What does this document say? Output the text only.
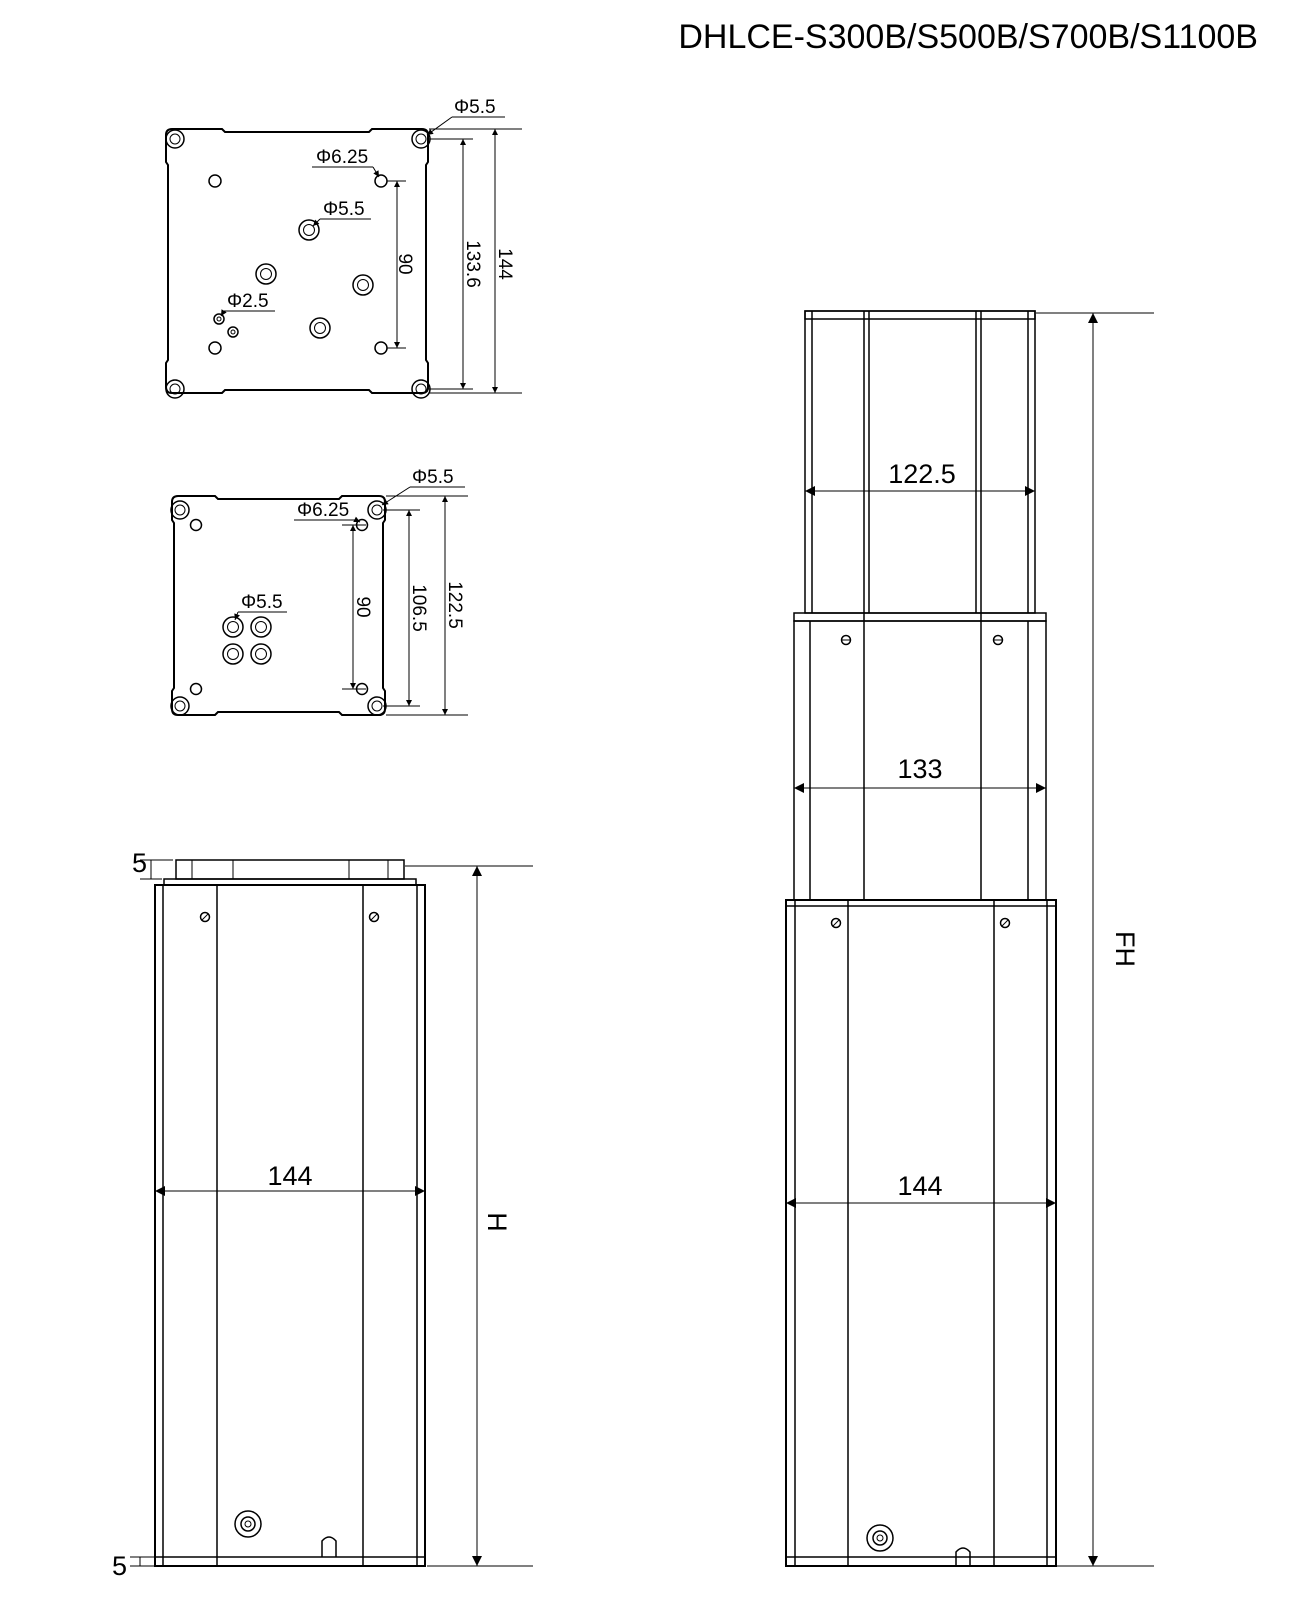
DHLCE-S300B/S500B/S700B/S1100B
Φ5.5
Φ6.25
Φ5.5
Φ2.5
90 133.6 144
Φ5.5
Φ6.25
Φ5.5	90 106.5 122.5
5
5
144
H
122.5
133
144
FH
